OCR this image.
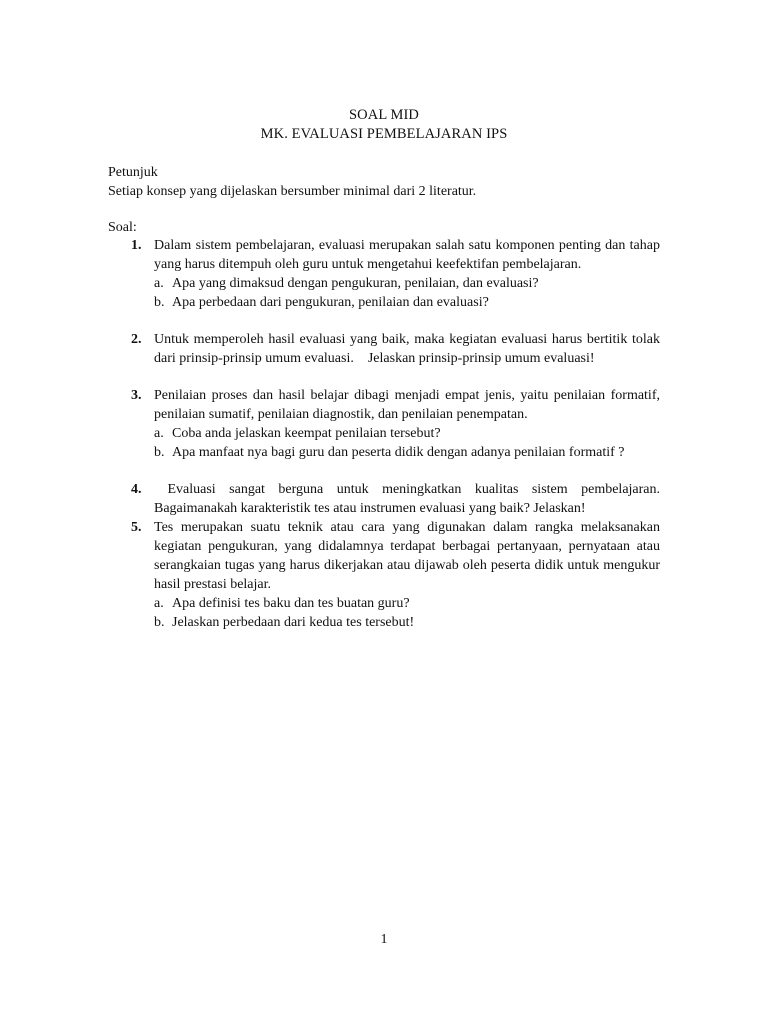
SOAL MID
MK. EVALUASI PEMBELAJARAN IPS
Petunjuk
Setiap konsep yang dijelaskan bersumber minimal dari 2 literatur.
Soal:
1. Dalam sistem pembelajaran, evaluasi merupakan salah satu komponen penting dan tahap yang harus ditempuh oleh guru untuk mengetahui keefektifan pembelajaran.
a. Apa yang dimaksud dengan pengukuran, penilaian, dan evaluasi?
b. Apa perbedaan dari pengukuran, penilaian dan evaluasi?
2. Untuk memperoleh hasil evaluasi yang baik, maka kegiatan evaluasi harus bertitik tolak dari prinsip-prinsip umum evaluasi.    Jelaskan prinsip-prinsip umum evaluasi!
3. Penilaian proses dan hasil belajar dibagi menjadi empat jenis, yaitu penilaian formatif, penilaian sumatif, penilaian diagnostik, dan penilaian penempatan.
a. Coba anda jelaskan keempat penilaian tersebut?
b. Apa manfaat nya bagi guru dan peserta didik dengan adanya penilaian formatif ?
4. Evaluasi sangat berguna untuk meningkatkan kualitas sistem pembelajaran. Bagaimanakah karakteristik tes atau instrumen evaluasi yang baik? Jelaskan!
5. Tes merupakan suatu teknik atau cara yang digunakan dalam rangka melaksanakan kegiatan pengukuran, yang didalamnya terdapat berbagai pertanyaan, pernyataan atau serangkaian tugas yang harus dikerjakan atau dijawab oleh peserta didik untuk mengukur hasil prestasi belajar.
a. Apa definisi tes baku dan tes buatan guru?
b. Jelaskan perbedaan dari kedua tes tersebut!
1
